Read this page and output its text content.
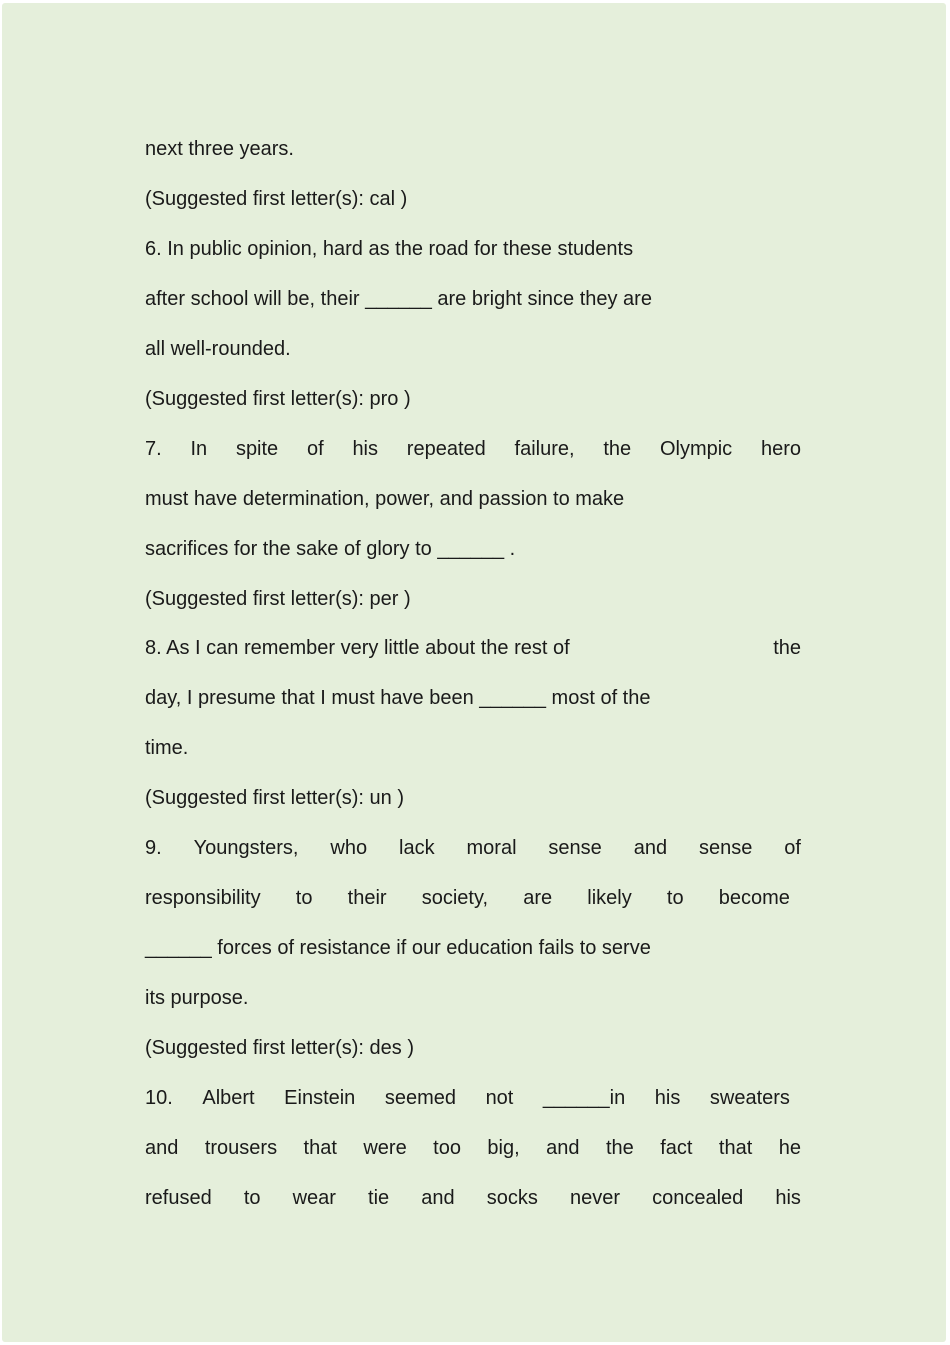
next three years.
(Suggested first letter(s): cal )
6. In public opinion, hard as the road for these students
after school will be, their ______ are bright since they are
all well-rounded.
(Suggested first letter(s): pro )
7. In spite of his repeated failure, the Olympic hero
must have determination, power, and passion to make
sacrifices for the sake of glory to ______ .
(Suggested first letter(s): per )
8. As I can remember very little about the rest of	the
day, I presume that I must have been ______ most of the
time.
(Suggested first letter(s): un )
9. Youngsters, who lack moral sense and sense of
responsibility to their society, are likely to become
______ forces of resistance if our education fails to serve
its purpose.
(Suggested first letter(s): des )
10. Albert Einstein seemed not ______in his sweaters
and trousers that were too big, and the fact that he
refused to wear tie and socks never concealed his
